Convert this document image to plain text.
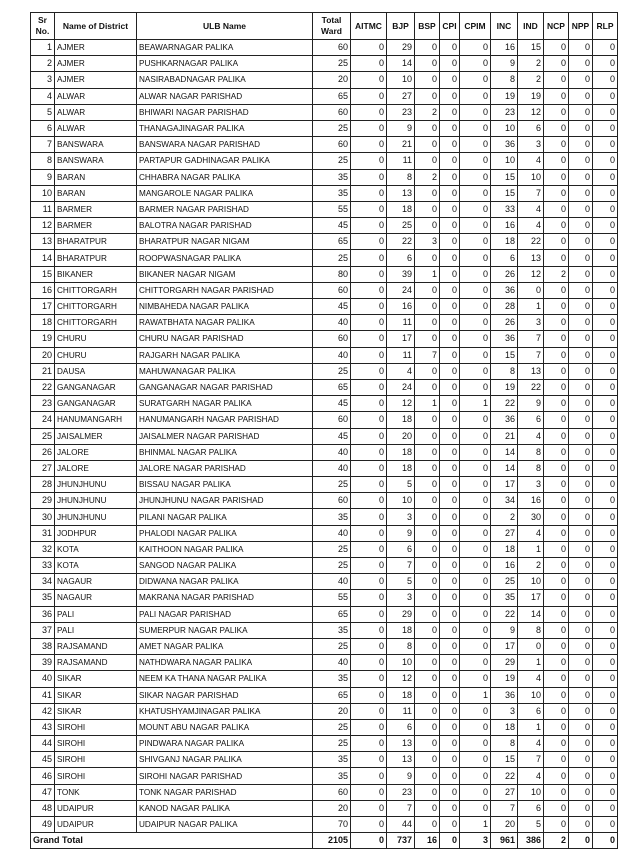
Sr No.	Name of District	ULB Name	Total Ward	AITMC	BJP	BSP	CPI	CPIM	INC	IND	NCP	NPP	RLP
1	AJMER	BEAWARNAGAR PALIKA	60	0	29	0	0	0	16	15	0	0	0
2	AJMER	PUSHKARNAGAR PALIKA	25	0	14	0	0	0	9	2	0	0	0
3	AJMER	NASIRABADNAGAR PALIKA	20	0	10	0	0	0	8	2	0	0	0
4	ALWAR	ALWAR NAGAR PARISHAD	65	0	27	0	0	0	19	19	0	0	0
5	ALWAR	BHIWARI NAGAR PARISHAD	60	0	23	2	0	0	23	12	0	0	0
6	ALWAR	THANAGAJINAGAR PALIKA	25	0	9	0	0	0	10	6	0	0	0
7	BANSWARA	BANSWARA NAGAR PARISHAD	60	0	21	0	0	0	36	3	0	0	0
8	BANSWARA	PARTAPUR GADHINAGAR PALIKA	25	0	11	0	0	0	10	4	0	0	0
9	BARAN	CHHABRA NAGAR PALIKA	35	0	8	2	0	0	15	10	0	0	0
10	BARAN	MANGAROLE NAGAR PALIKA	35	0	13	0	0	0	15	7	0	0	0
11	BARMER	BARMER NAGAR PARISHAD	55	0	18	0	0	0	33	4	0	0	0
12	BARMER	BALOTRA NAGAR PARISHAD	45	0	25	0	0	0	16	4	0	0	0
13	BHARATPUR	BHARATPUR NAGAR NIGAM	65	0	22	3	0	0	18	22	0	0	0
14	BHARATPUR	ROOPWASNAGAR PALIKA	25	0	6	0	0	0	6	13	0	0	0
15	BIKANER	BIKANER NAGAR NIGAM	80	0	39	1	0	0	26	12	2	0	0
16	CHITTORGARH	CHITTORGARH NAGAR PARISHAD	60	0	24	0	0	0	36	0	0	0	0
17	CHITTORGARH	NIMBAHEDA NAGAR PALIKA	45	0	16	0	0	0	28	1	0	0	0
18	CHITTORGARH	RAWATBHATA NAGAR PALIKA	40	0	11	0	0	0	26	3	0	0	0
19	CHURU	CHURU NAGAR PARISHAD	60	0	17	0	0	0	36	7	0	0	0
20	CHURU	RAJGARH NAGAR PALIKA	40	0	11	7	0	0	15	7	0	0	0
21	DAUSA	MAHUWANAGAR PALIKA	25	0	4	0	0	0	8	13	0	0	0
22	GANGANAGAR	GANGANAGAR NAGAR PARISHAD	65	0	24	0	0	0	19	22	0	0	0
23	GANGANAGAR	SURATGARH NAGAR PALIKA	45	0	12	1	0	1	22	9	0	0	0
24	HANUMANGARH	HANUMANGARH NAGAR PARISHAD	60	0	18	0	0	0	36	6	0	0	0
25	JAISALMER	JAISALMER NAGAR PARISHAD	45	0	20	0	0	0	21	4	0	0	0
26	JALORE	BHINMAL NAGAR PALIKA	40	0	18	0	0	0	14	8	0	0	0
27	JALORE	JALORE NAGAR PARISHAD	40	0	18	0	0	0	14	8	0	0	0
28	JHUNJHUNU	BISSAU NAGAR PALIKA	25	0	5	0	0	0	17	3	0	0	0
29	JHUNJHUNU	JHUNJHUNU NAGAR PARISHAD	60	0	10	0	0	0	34	16	0	0	0
30	JHUNJHUNU	PILANI NAGAR PALIKA	35	0	3	0	0	0	2	30	0	0	0
31	JODHPUR	PHALODI NAGAR PALIKA	40	0	9	0	0	0	27	4	0	0	0
32	KOTA	KAITHOON NAGAR PALIKA	25	0	6	0	0	0	18	1	0	0	0
33	KOTA	SANGOD NAGAR PALIKA	25	0	7	0	0	0	16	2	0	0	0
34	NAGAUR	DIDWANA NAGAR PALIKA	40	0	5	0	0	0	25	10	0	0	0
35	NAGAUR	MAKRANA NAGAR PARISHAD	55	0	3	0	0	0	35	17	0	0	0
36	PALI	PALI NAGAR PARISHAD	65	0	29	0	0	0	22	14	0	0	0
37	PALI	SUMERPUR NAGAR PALIKA	35	0	18	0	0	0	9	8	0	0	0
38	RAJSAMAND	AMET NAGAR PALIKA	25	0	8	0	0	0	17	0	0	0	0
39	RAJSAMAND	NATHDWARA NAGAR PALIKA	40	0	10	0	0	0	29	1	0	0	0
40	SIKAR	NEEM KA THANA NAGAR PALIKA	35	0	12	0	0	0	19	4	0	0	0
41	SIKAR	SIKAR NAGAR PARISHAD	65	0	18	0	0	1	36	10	0	0	0
42	SIKAR	KHATUSHYAMJINAGAR PALIKA	20	0	11	0	0	0	3	6	0	0	0
43	SIROHI	MOUNT ABU NAGAR PALIKA	25	0	6	0	0	0	18	1	0	0	0
44	SIROHI	PINDWARA NAGAR PALIKA	25	0	13	0	0	0	8	4	0	0	0
45	SIROHI	SHIVGANJ NAGAR PALIKA	35	0	13	0	0	0	15	7	0	0	0
46	SIROHI	SIROHI NAGAR PARISHAD	35	0	9	0	0	0	22	4	0	0	0
47	TONK	TONK NAGAR PARISHAD	60	0	23	0	0	0	27	10	0	0	0
48	UDAIPUR	KANOD NAGAR PALIKA	20	0	7	0	0	0	7	6	0	0	0
49	UDAIPUR	UDAIPUR NAGAR PALIKA	70	0	44	0	0	1	20	5	0	0	0
Grand Total			2105	0	737	16	0	3	961	386	2	0	0
